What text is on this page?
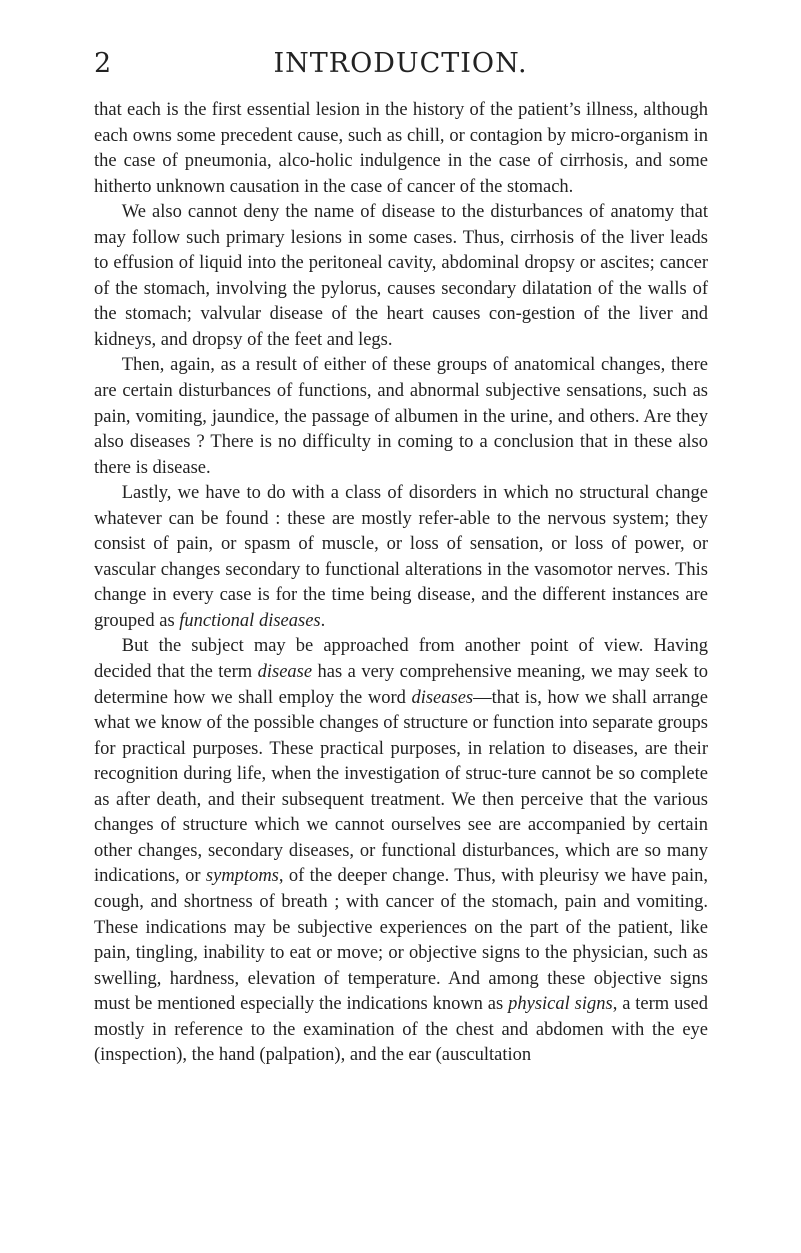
2	INTRODUCTION.

that each is the first essential lesion in the history of the patient’s illness, although each owns some precedent cause, such as chill, or contagion by micro-organism in the case of pneumonia, alco-holic indulgence in the case of cirrhosis, and some hitherto unknown causation in the case of cancer of the stomach.

We also cannot deny the name of disease to the disturbances of anatomy that may follow such primary lesions in some cases. Thus, cirrhosis of the liver leads to effusion of liquid into the peritoneal cavity, abdominal dropsy or ascites; cancer of the stomach, involving the pylorus, causes secondary dilatation of the walls of the stomach; valvular disease of the heart causes con-gestion of the liver and kidneys, and dropsy of the feet and legs.

Then, again, as a result of either of these groups of anatomical changes, there are certain disturbances of functions, and abnormal subjective sensations, such as pain, vomiting, jaundice, the passage of albumen in the urine, and others. Are they also diseases ? There is no difficulty in coming to a conclusion that in these also there is disease.

Lastly, we have to do with a class of disorders in which no structural change whatever can be found : these are mostly refer-able to the nervous system; they consist of pain, or spasm of muscle, or loss of sensation, or loss of power, or vascular changes secondary to functional alterations in the vasomotor nerves. This change in every case is for the time being disease, and the different instances are grouped as functional diseases.

But the subject may be approached from another point of view. Having decided that the term disease has a very comprehensive meaning, we may seek to determine how we shall employ the word diseases—that is, how we shall arrange what we know of the possible changes of structure or function into separate groups for practical purposes. These practical purposes, in relation to diseases, are their recognition during life, when the investigation of struc-ture cannot be so complete as after death, and their subsequent treatment. We then perceive that the various changes of structure which we cannot ourselves see are accompanied by certain other changes, secondary diseases, or functional disturbances, which are so many indications, or symptoms, of the deeper change. Thus, with pleurisy we have pain, cough, and shortness of breath ; with cancer of the stomach, pain and vomiting. These indications may be subjective experiences on the part of the patient, like pain, tingling, inability to eat or move; or objective signs to the physician, such as swelling, hardness, elevation of temperature. And among these objective signs must be mentioned especially the indications known as physical signs, a term used mostly in reference to the examination of the chest and abdomen with the eye (inspection), the hand (palpation), and the ear (auscultation
